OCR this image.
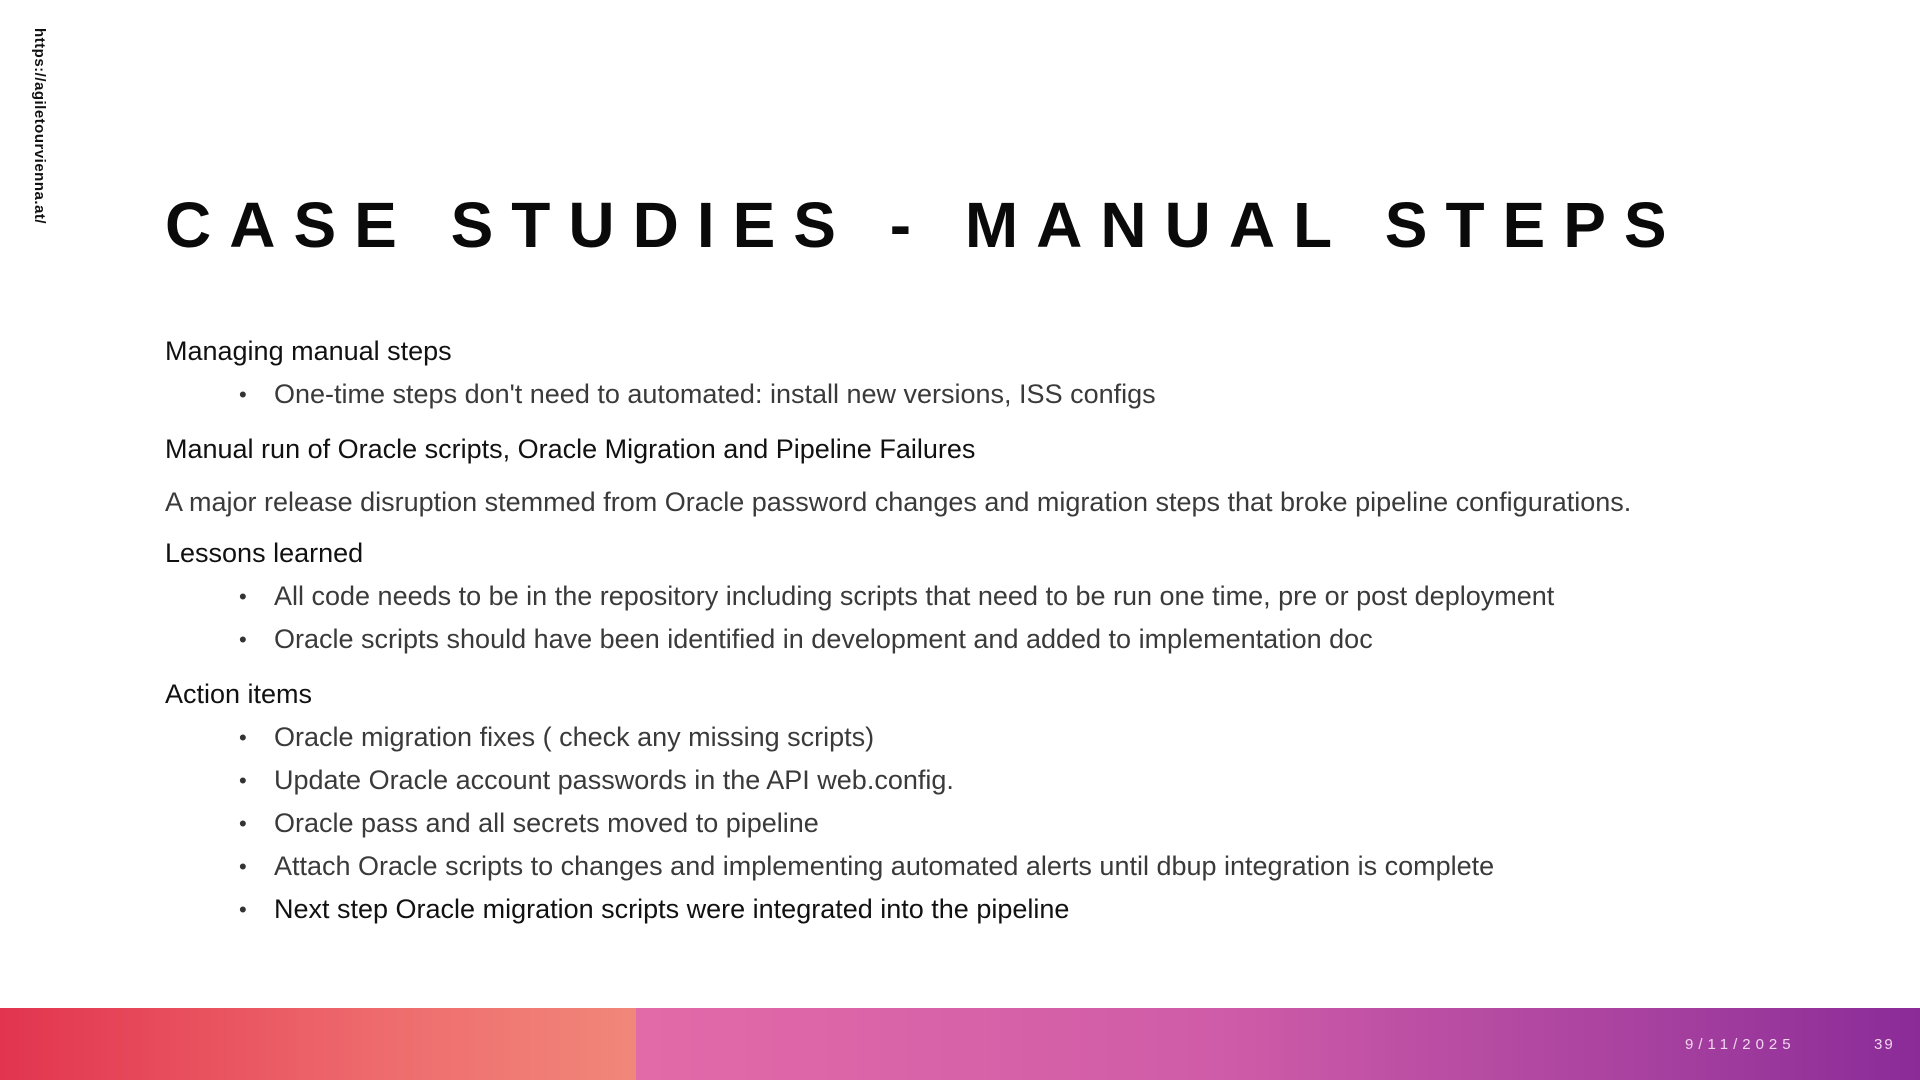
https://agiletourvienna.at/
CASE STUDIES - MANUAL STEPS
Managing manual steps
• One-time steps don't need to automated: install new versions, ISS configs
Manual run of Oracle scripts, Oracle Migration and Pipeline Failures
A major release disruption stemmed from Oracle password changes and migration steps that broke pipeline configurations.
Lessons learned
• All code needs to be in the repository including scripts that need to be run one time, pre or post deployment
• Oracle scripts should have been identified in development and added to implementation doc
Action items
• Oracle migration fixes ( check any missing scripts)
• Update Oracle account passwords in the API web.config.
• Oracle pass and all secrets moved to pipeline
• Attach Oracle scripts to changes and implementing automated alerts until dbup integration is complete
• Next step Oracle migration scripts were integrated into the pipeline
9/11/2025	39
